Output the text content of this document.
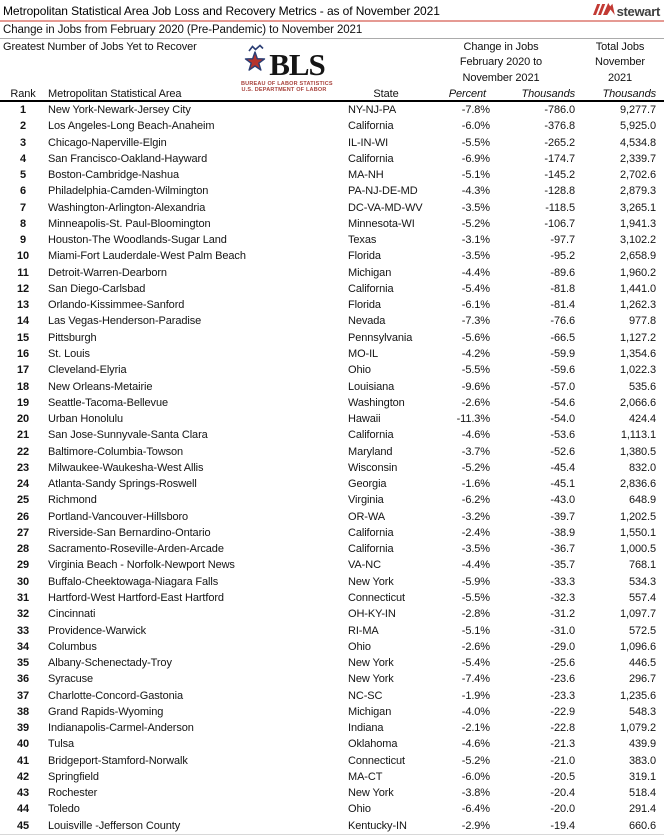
Metropolitan Statistical Area Job Loss and Recovery Metrics - as of November 2021	stewart
Change in Jobs from February 2020 (Pre-Pandemic) to November 2021
Greatest Number of Jobs Yet to Recover BLS
BUREAU OF LABOR STATISTICS
U.S. DEPARTMENT OF LABOR
Change in Jobs
February 2020 to
November 2021
Total Jobs
November
2021
Rank	Metropolitan Statistical Area	State	Percent	Thousands	Thousands
1	New York-Newark-Jersey City	NY-NJ-PA	-7.8%	-786.0	9,277.7
2	Los Angeles-Long Beach-Anaheim	California	-6.0%	-376.8	5,925.0
3	Chicago-Naperville-Elgin	IL-IN-WI	-5.5%	-265.2	4,534.8
4	San Francisco-Oakland-Hayward	California	-6.9%	-174.7	2,339.7
5	Boston-Cambridge-Nashua	MA-NH	-5.1%	-145.2	2,702.6
6	Philadelphia-Camden-Wilmington	PA-NJ-DE-MD	-4.3%	-128.8	2,879.3
7	Washington-Arlington-Alexandria	DC-VA-MD-WV	-3.5%	-118.5	3,265.1
8	Minneapolis-St. Paul-Bloomington	Minnesota-WI	-5.2%	-106.7	1,941.3
9	Houston-The Woodlands-Sugar Land	Texas	-3.1%	-97.7	3,102.2
10	Miami-Fort Lauderdale-West Palm Beach	Florida	-3.5%	-95.2	2,658.9
11	Detroit-Warren-Dearborn	Michigan	-4.4%	-89.6	1,960.2
12	San Diego-Carlsbad	California	-5.4%	-81.8	1,441.0
13	Orlando-Kissimmee-Sanford	Florida	-6.1%	-81.4	1,262.3
14	Las Vegas-Henderson-Paradise	Nevada	-7.3%	-76.6	977.8
15	Pittsburgh	Pennsylvania	-5.6%	-66.5	1,127.2
16	St. Louis	MO-IL	-4.2%	-59.9	1,354.6
17	Cleveland-Elyria	Ohio	-5.5%	-59.6	1,022.3
18	New Orleans-Metairie	Louisiana	-9.6%	-57.0	535.6
19	Seattle-Tacoma-Bellevue	Washington	-2.6%	-54.6	2,066.6
20	Urban Honolulu	Hawaii	-11.3%	-54.0	424.4
21	San Jose-Sunnyvale-Santa Clara	California	-4.6%	-53.6	1,113.1
22	Baltimore-Columbia-Towson	Maryland	-3.7%	-52.6	1,380.5
23	Milwaukee-Waukesha-West Allis	Wisconsin	-5.2%	-45.4	832.0
24	Atlanta-Sandy Springs-Roswell	Georgia	-1.6%	-45.1	2,836.6
25	Richmond	Virginia	-6.2%	-43.0	648.9
26	Portland-Vancouver-Hillsboro	OR-WA	-3.2%	-39.7	1,202.5
27	Riverside-San Bernardino-Ontario	California	-2.4%	-38.9	1,550.1
28	Sacramento-Roseville-Arden-Arcade	California	-3.5%	-36.7	1,000.5
29	Virginia Beach - Norfolk-Newport News	VA-NC	-4.4%	-35.7	768.1
30	Buffalo-Cheektowaga-Niagara Falls	New York	-5.9%	-33.3	534.3
31	Hartford-West Hartford-East Hartford	Connecticut	-5.5%	-32.3	557.4
32	Cincinnati	OH-KY-IN	-2.8%	-31.2	1,097.7
33	Providence-Warwick	RI-MA	-5.1%	-31.0	572.5
34	Columbus	Ohio	-2.6%	-29.0	1,096.6
35	Albany-Schenectady-Troy	New York	-5.4%	-25.6	446.5
36	Syracuse	New York	-7.4%	-23.6	296.7
37	Charlotte-Concord-Gastonia	NC-SC	-1.9%	-23.3	1,235.6
38	Grand Rapids-Wyoming	Michigan	-4.0%	-22.9	548.3
39	Indianapolis-Carmel-Anderson	Indiana	-2.1%	-22.8	1,079.2
40	Tulsa	Oklahoma	-4.6%	-21.3	439.9
41	Bridgeport-Stamford-Norwalk	Connecticut	-5.2%	-21.0	383.0
42	Springfield	MA-CT	-6.0%	-20.5	319.1
43	Rochester	New York	-3.8%	-20.4	518.4
44	Toledo	Ohio	-6.4%	-20.0	291.4
45	Louisville -Jefferson County	Kentucky-IN	-2.9%	-19.4	660.6
